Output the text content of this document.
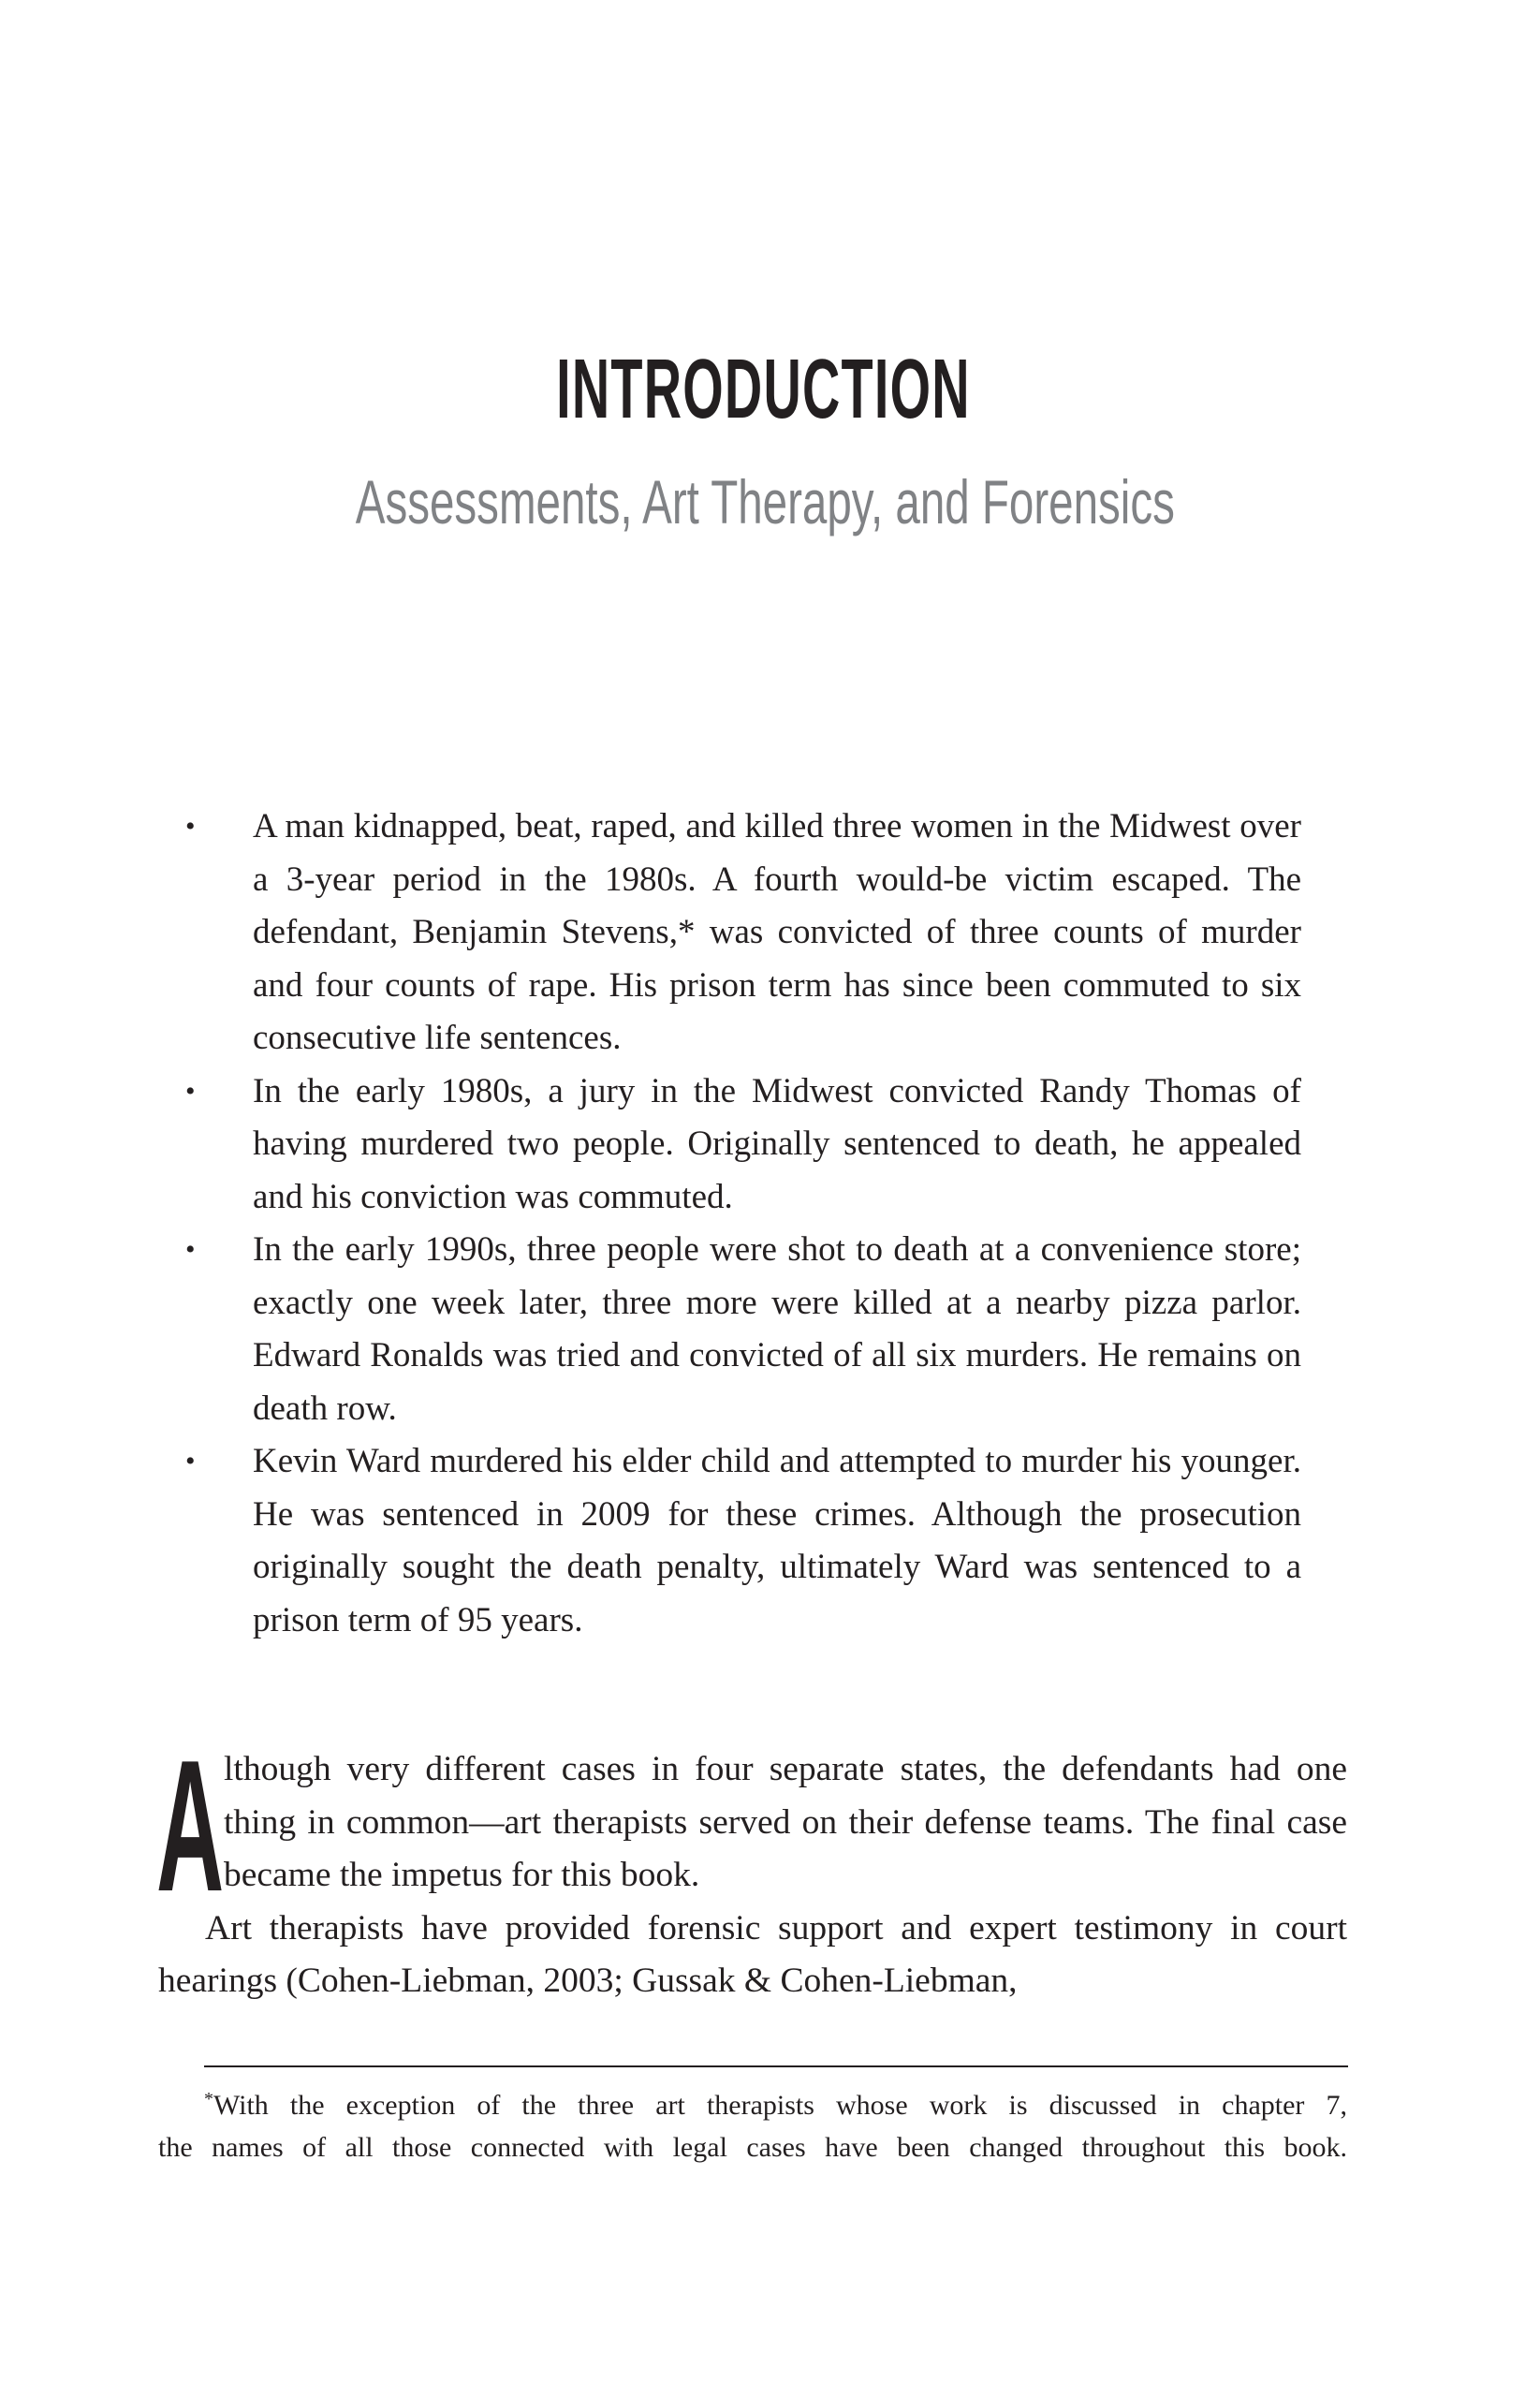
INTRODUCTION
Assessments, Art Therapy, and Forensics
• A man kidnapped, beat, raped, and killed three women in the Midwest over a 3-year period in the 1980s. A fourth would-be victim escaped. The defendant, Benjamin Stevens,* was convicted of three counts of murder and four counts of rape. His prison term has since been commuted to six consecutive life sentences.
• In the early 1980s, a jury in the Midwest convicted Randy Thomas of having murdered two people. Originally sentenced to death, he appealed and his conviction was commuted.
• In the early 1990s, three people were shot to death at a convenience store; exactly one week later, three more were killed at a nearby pizza parlor. Edward Ronalds was tried and convicted of all six murders. He remains on death row.
• Kevin Ward murdered his elder child and attempted to murder his younger. He was sentenced in 2009 for these crimes. Although the prosecution originally sought the death penalty, ultimately Ward was sentenced to a prison term of 95 years.

Although very different cases in four separate states, the defendants had one thing in common—art therapists served on their defense teams. The final case became the impetus for this book.

Art therapists have provided forensic support and expert testimony in court hearings (Cohen-Liebman, 2003; Gussak & Cohen-Liebman,

*With the exception of the three art therapists whose work is discussed in chapter 7,

the names of all those connected with legal cases have been changed throughout this book.
